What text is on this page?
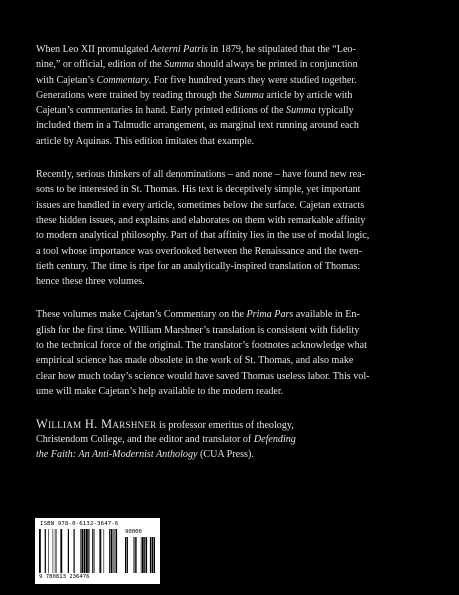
When Leo XII promulgated Aeterni Patris in 1879, he stipulated that the “Leo-
nine,” or official, edition of the Summa should always be printed in conjunction
with Cajetan’s Commentary. For five hundred years they were studied together.
Generations were trained by reading through the Summa article by article with
Cajetan’s commentaries in hand. Early printed editions of the Summa typically
included them in a Talmudic arrangement, as marginal text running around each
article by Aquinas. This edition imitates that example.

Recently, serious thinkers of all denominations – and none – have found new rea-
sons to be interested in St. Thomas. His text is deceptively simple, yet important
issues are handled in every article, sometimes below the surface. Cajetan extracts
these hidden issues, and explains and elaborates on them with remarkable affinity
to modern analytical philosophy. Part of that affinity lies in the use of modal logic,
a tool whose importance was overlooked between the Renaissance and the twen-
tieth century. The time is ripe for an analytically-inspired translation of Thomas:
hence these three volumes.

These volumes make Cajetan’s Commentary on the Prima Pars available in En-
glish for the first time. William Marshner’s translation is consistent with fidelity
to the technical force of the original. The translator’s footnotes acknowledge what
empirical science has made obsolete in the work of St. Thomas, and also make
clear how much today’s science would have saved Thomas useless labor. This vol-
ume will make Cajetan’s help available to the modern reader.

William H. Marshner is professor emeritus of theology,
Christendom College, and the editor and translator of Defending
the Faith: An Anti-Modernist Anthology (CUA Press).
ISBN 978-0-6132-3647-6
90000
9 780813 236476
